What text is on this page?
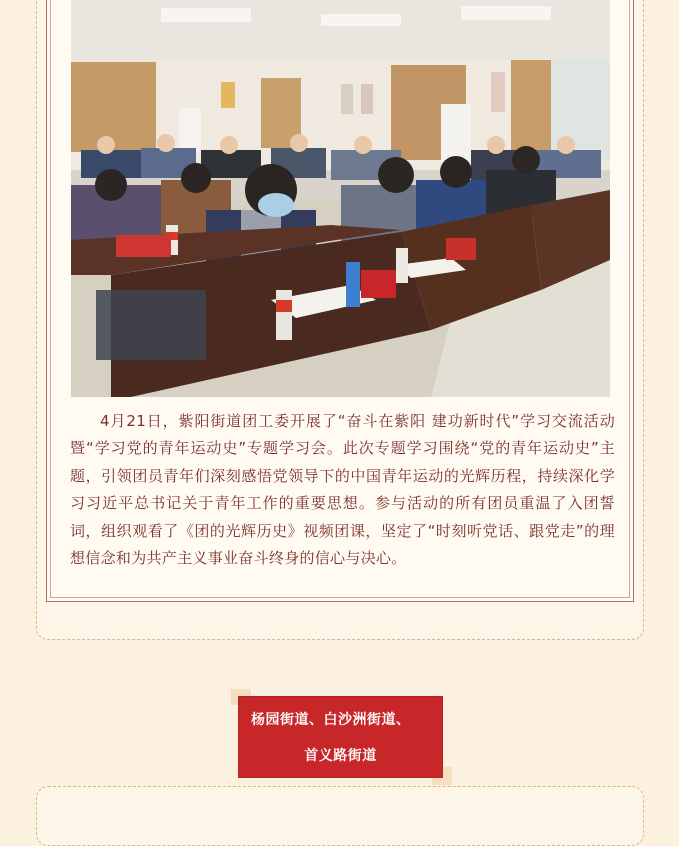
4月21日，紫阳街道团工委开展了“奋斗在紫阳 建功新时代”学习交流活动暨“学习党的青年运动史”专题学习会。此次专题学习围绕“党的青年运动史”主题，引领团员青年们深刻感悟党领导下的中国青年运动的光辉历程，持续深化学习习近平总书记关于青年工作的重要思想。参与活动的所有团员重温了入团誓词，组织观看了《团的光辉历史》视频团课，坚定了“时刻听党话、跟党走”的理想信念和为共产主义事业奋斗终身的信心与决心。

杨园街道、白沙洲街道、
首义路街道
